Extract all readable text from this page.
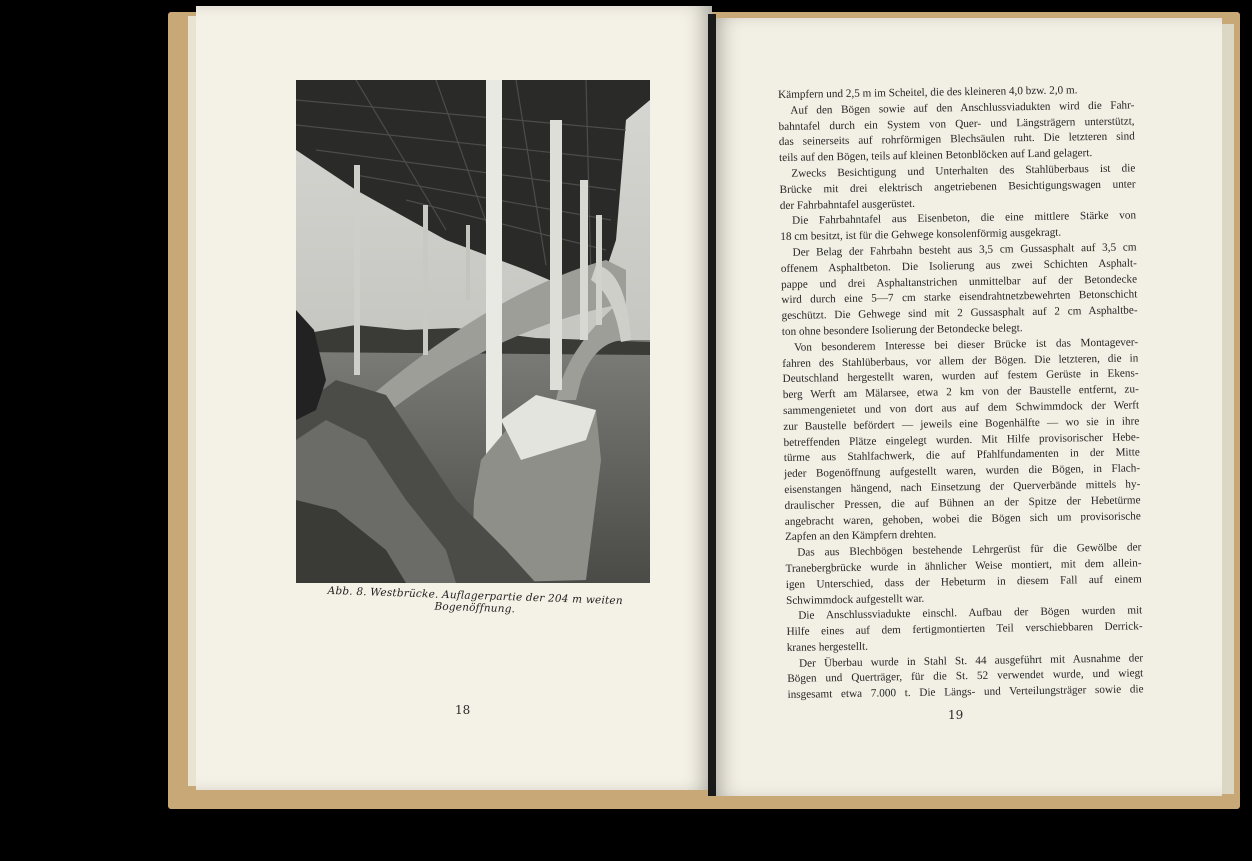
Abb. 8. Westbrücke. Auflagerpartie der 204 m weiten Bogenöffnung.
18
Kämpfern und 2,5 m im Scheitel, die des kleineren 4,0 bzw. 2,0 m.
Auf den Bögen sowie auf den Anschlussviadukten wird die Fahr-
bahntafel durch ein System von Quer- und Längsträgern unterstützt,
das seinerseits auf rohrförmigen Blechsäulen ruht. Die letzteren sind
teils auf den Bögen, teils auf kleinen Betonblöcken auf Land gelagert.
Zwecks Besichtigung und Unterhalten des Stahlüberbaus ist die
Brücke mit drei elektrisch angetriebenen Besichtigungswagen unter
der Fahrbahntafel ausgerüstet.
Die Fahrbahntafel aus Eisenbeton, die eine mittlere Stärke von
18 cm besitzt, ist für die Gehwege konsolenförmig ausgekragt.
Der Belag der Fahrbahn besteht aus 3,5 cm Gussasphalt auf 3,5 cm
offenem Asphaltbeton. Die Isolierung aus zwei Schichten Asphalt-
pappe und drei Asphaltanstrichen unmittelbar auf der Betondecke
wird durch eine 5—7 cm starke eisendrahtnetzbewehrten Betonschicht
geschützt. Die Gehwege sind mit 2 Gussasphalt auf 2 cm Asphaltbe-
ton ohne besondere Isolierung der Betondecke belegt.
Von besonderem Interesse bei dieser Brücke ist das Montagever-
fahren des Stahlüberbaus, vor allem der Bögen. Die letzteren, die in
Deutschland hergestellt waren, wurden auf festem Gerüste in Ekens-
berg Werft am Mälarsee, etwa 2 km von der Baustelle entfernt, zu-
sammengenietet und von dort aus auf dem Schwimmdock der Werft
zur Baustelle befördert — jeweils eine Bogenhälfte — wo sie in ihre
betreffenden Plätze eingelegt wurden. Mit Hilfe provisorischer Hebe-
türme aus Stahlfachwerk, die auf Pfahlfundamenten in der Mitte
jeder Bogenöffnung aufgestellt waren, wurden die Bögen, in Flach-
eisenstangen hängend, nach Einsetzung der Querverbände mittels hy-
draulischer Pressen, die auf Bühnen an der Spitze der Hebetürme
angebracht waren, gehoben, wobei die Bögen sich um provisorische
Zapfen an den Kämpfern drehten.
Das aus Blechbögen bestehende Lehrgerüst für die Gewölbe der
Tranebergbrücke wurde in ähnlicher Weise montiert, mit dem allein-
igen Unterschied, dass der Hebeturm in diesem Fall auf einem
Schwimmdock aufgestellt war.
Die Anschlussviadukte einschl. Aufbau der Bögen wurden mit
Hilfe eines auf dem fertigmontierten Teil verschiebbaren Derrick-
kranes hergestellt.
Der Überbau wurde in Stahl St. 44 ausgeführt mit Ausnahme der
Bögen und Querträger, für die St. 52 verwendet wurde, und wiegt
insgesamt etwa 7.000 t. Die Längs- und Verteilungsträger sowie die
19
